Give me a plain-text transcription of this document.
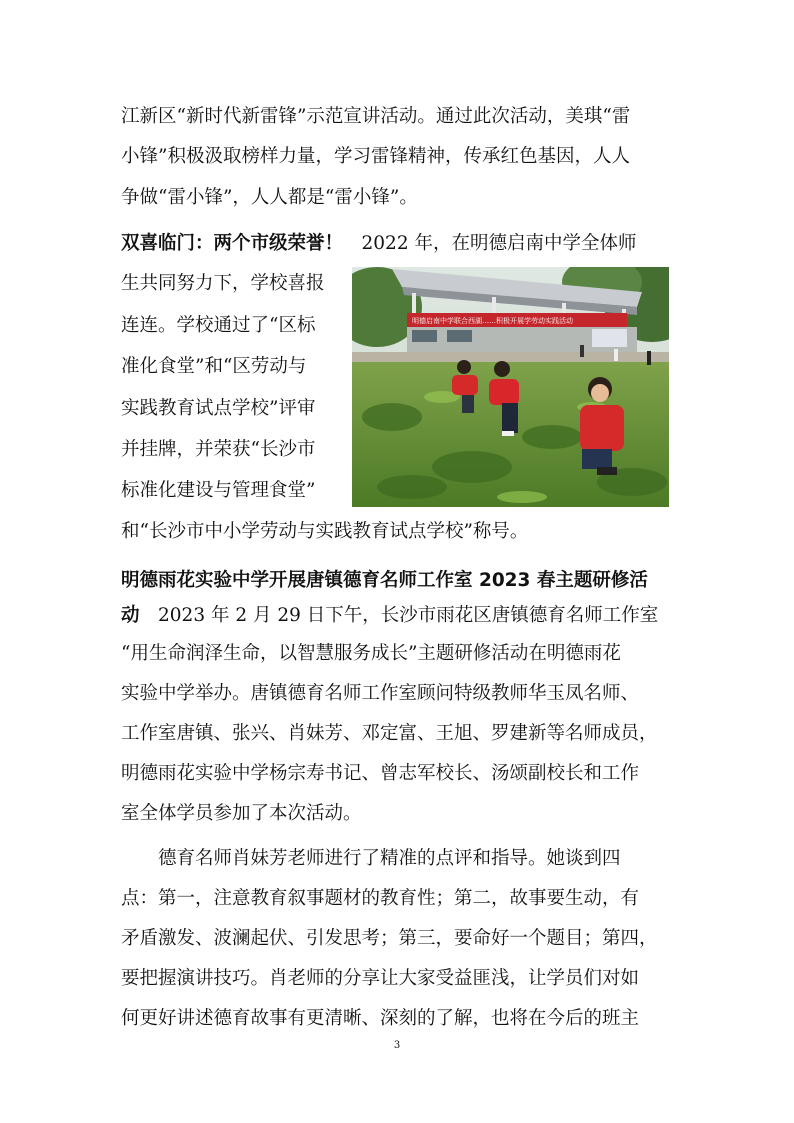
江新区“新时代新雷锋”示范宣讲活动。通过此次活动，美琪“雷
小锋”积极汲取榜样力量，学习雷锋精神，传承红色基因，人人
争做“雷小锋”，人人都是“雷小锋”。
双喜临门：两个市级荣誉！　2022 年，在明德启南中学全体师
生共同努力下，学校喜报
连连。学校通过了“区标
准化食堂”和“区劳动与
实践教育试点学校”评审
并挂牌，并荣获“长沙市
标准化建设与管理食堂”
和“长沙市中小学劳动与实践教育试点学校”称号。
明德启南中学联合西湖……积极开展学劳动实践活动
明德雨花实验中学开展唐镇德育名师工作室 2023 春主题研修活
动　2023 年 2 月 29 日下午，长沙市雨花区唐镇德育名师工作室
“用生命润泽生命，以智慧服务成长”主题研修活动在明德雨花
实验中学举办。唐镇德育名师工作室顾问特级教师华玉凤名师、
工作室唐镇、张兴、肖妹芳、邓定富、王旭、罗建新等名师成员，
明德雨花实验中学杨宗寿书记、曾志军校长、汤颂副校长和工作
室全体学员参加了本次活动。
　　德育名师肖妹芳老师进行了精准的点评和指导。她谈到四
点：第一，注意教育叙事题材的教育性；第二，故事要生动，有
矛盾激发、波澜起伏、引发思考；第三，要命好一个题目；第四，
要把握演讲技巧。肖老师的分享让大家受益匪浅，让学员们对如
何更好讲述德育故事有更清晰、深刻的了解，也将在今后的班主
3
